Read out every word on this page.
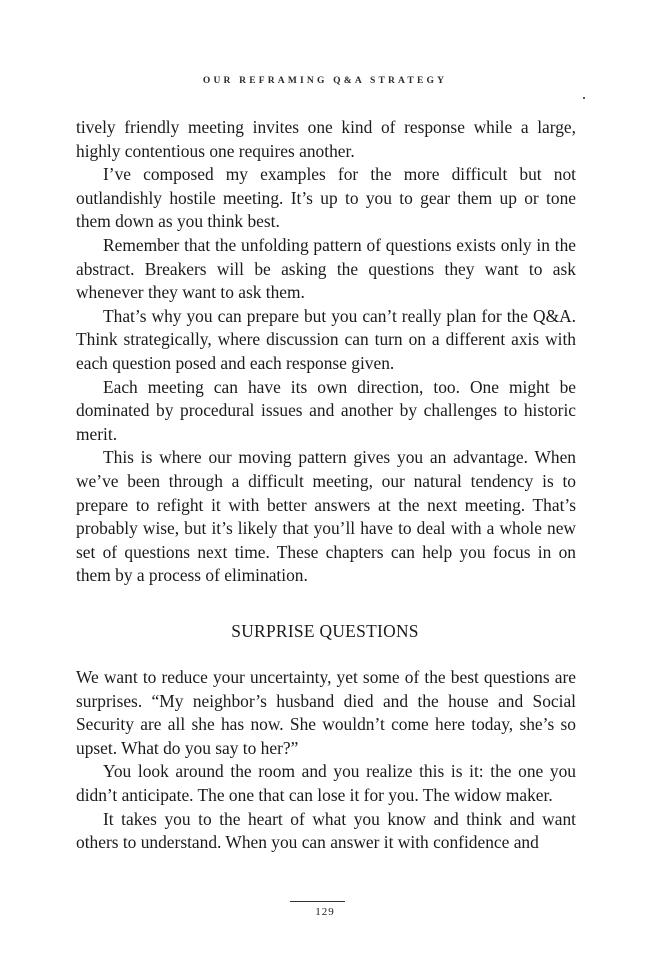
OUR REFRAMING Q&A STRATEGY

tively friendly meeting invites one kind of response while a large, highly contentious one requires another.

I’ve composed my examples for the more difficult but not outlandishly hostile meeting. It’s up to you to gear them up or tone them down as you think best.

Remember that the unfolding pattern of questions exists only in the abstract. Breakers will be asking the questions they want to ask whenever they want to ask them.

That’s why you can prepare but you can’t really plan for the Q&A. Think strategically, where discussion can turn on a different axis with each question posed and each response given.

Each meeting can have its own direction, too. One might be dominated by procedural issues and another by challenges to historic merit.

This is where our moving pattern gives you an advantage. When we’ve been through a difficult meeting, our natural tendency is to prepare to refight it with better answers at the next meeting. That’s probably wise, but it’s likely that you’ll have to deal with a whole new set of questions next time. These chapters can help you focus in on them by a process of elimination.

SURPRISE QUESTIONS

We want to reduce your uncertainty, yet some of the best questions are surprises. “My neighbor’s husband died and the house and Social Security are all she has now. She wouldn’t come here today, she’s so upset. What do you say to her?”

You look around the room and you realize this is it: the one you didn’t anticipate. The one that can lose it for you. The widow maker.

It takes you to the heart of what you know and think and want others to understand. When you can answer it with confidence and

129
